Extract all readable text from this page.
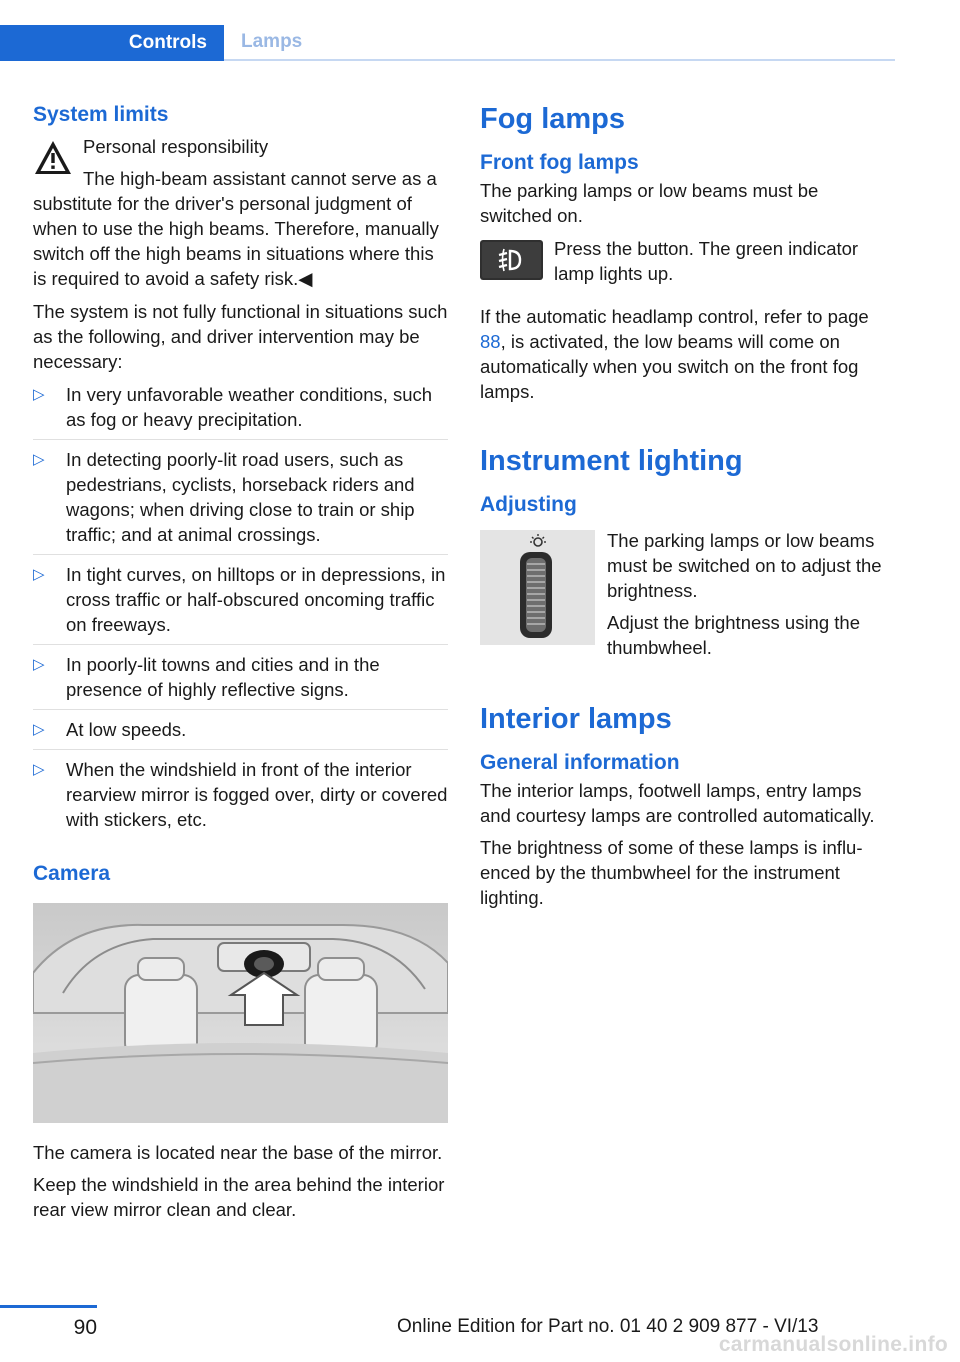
Controls	Lamps
System limits

Personal responsibility

The high-beam assistant cannot serve as a substitute for the driver's personal judgment of when to use the high beams. Therefore, manually switch off the high beams in situations where this is required to avoid a safety risk.◀

The system is not fully functional in situations such as the following, and driver intervention may be necessary:

▷ In very unfavorable weather conditions, such as fog or heavy precipitation.
▷ In detecting poorly-lit road users, such as pedestrians, cyclists, horseback riders and wagons; when driving close to train or ship traffic; and at animal crossings.
▷ In tight curves, on hilltops or in depressions, in cross traffic or half-obscured oncoming traffic on freeways.
▷ In poorly-lit towns and cities and in the presence of highly reflective signs.
▷ At low speeds.
▷ When the windshield in front of the interior rearview mirror is fogged over, dirty or covered with stickers, etc.
Camera

The camera is located near the base of the mirror.

Keep the windshield in the area behind the interior rear view mirror clean and clear.

Fog lamps
Front fog lamps

The parking lamps or low beams must be switched on.

Press the button. The green indicator lamp lights up.

If the automatic headlamp control, refer to page 88, is activated, the low beams will come on automatically when you switch on the front fog lamps.

Instrument lighting
Adjusting

The parking lamps or low beams must be switched on to adjust the brightness.

Adjust the brightness using the thumbwheel.

Interior lamps
General information

The interior lamps, footwell lamps, entry lamps and courtesy lamps are controlled automatically.

The brightness of some of these lamps is influenced by the thumbwheel for the instrument lighting.

90	Online Edition for Part no. 01 40 2 909 877 - VI/13
carmanualsonline.info
